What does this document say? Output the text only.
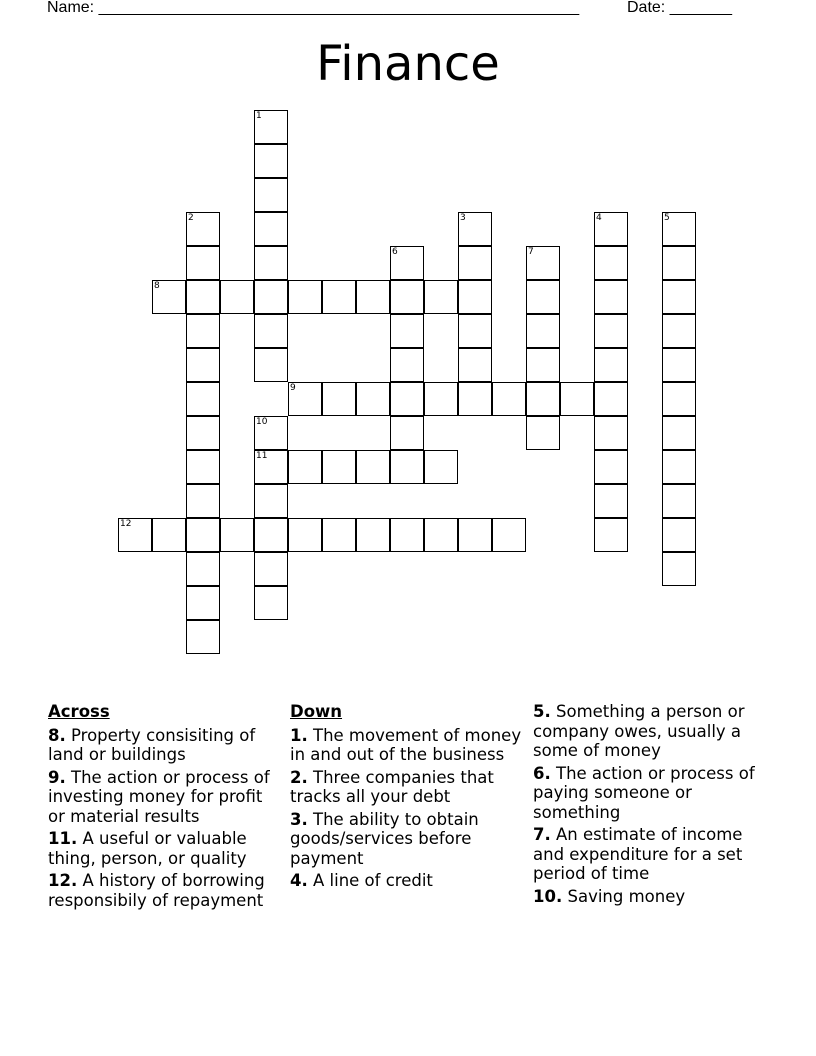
Name: ______________________________________________________	Date: _______
Finance
1
2	3	4	5
6	7
8
9
10
11
12
Across
8. Property consisiting of land or buildings
9. The action or process of investing money for profit or material results
11. A useful or valuable thing, person, or quality
12. A history of borrowing responsibily of repayment
Down
1. The movement of money in and out of the business
2. Three companies that tracks all your debt
3. The ability to obtain goods/services before payment
4. A line of credit
5. Something a person or company owes, usually a some of money
6. The action or process of paying someone or something
7. An estimate of income and expenditure for a set period of time
10. Saving money
